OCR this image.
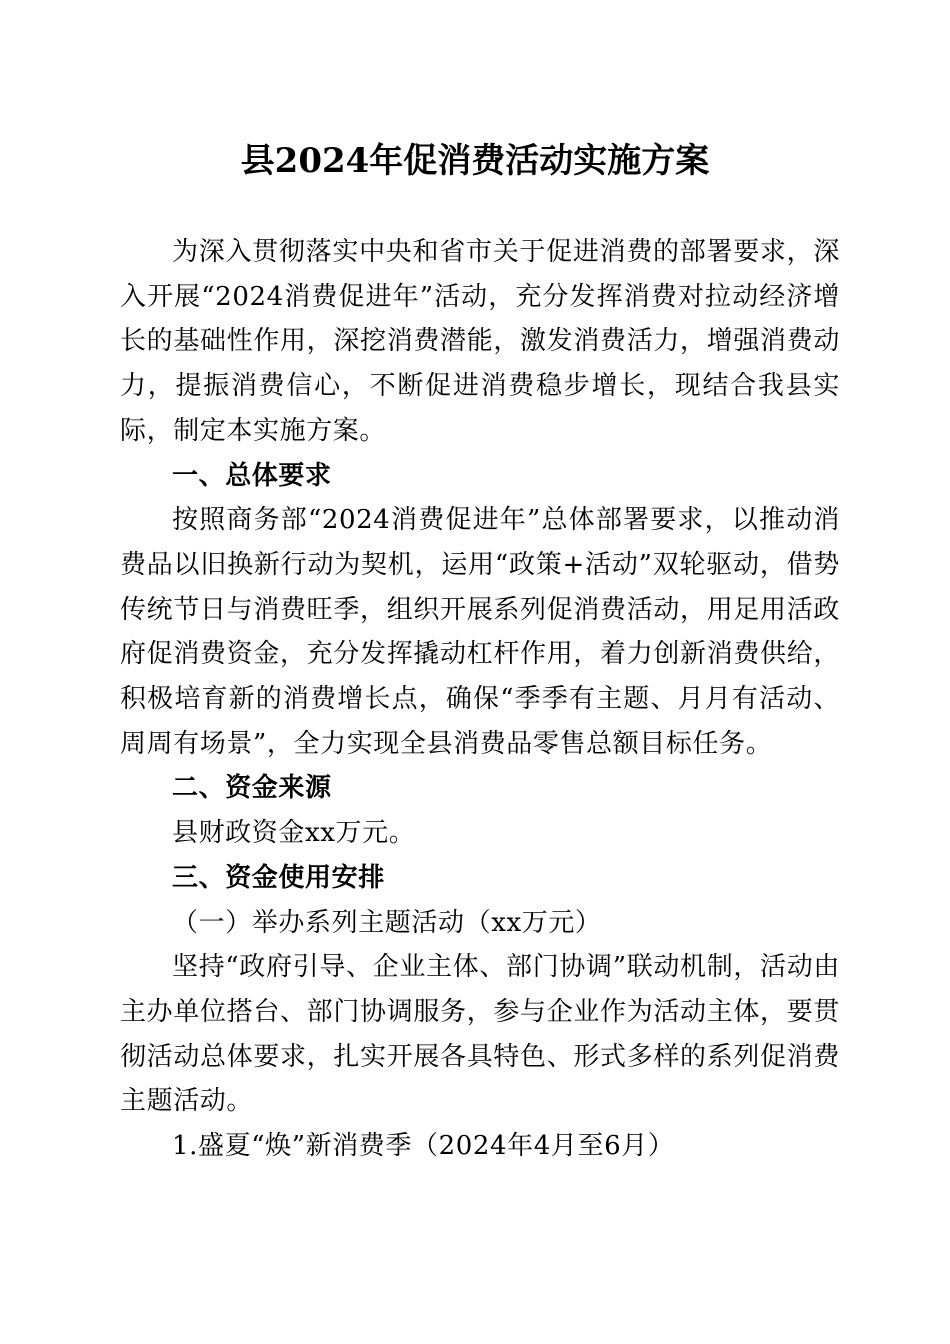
县2024年促消费活动实施方案

为深入贯彻落实中央和省市关于促进消费的部署要求，深入开展“2024消费促进年”活动，充分发挥消费对拉动经济增长的基础性作用，深挖消费潜能，激发消费活力，增强消费动力，提振消费信心，不断促进消费稳步增长，现结合我县实际，制定本实施方案。

一、总体要求

按照商务部“2024消费促进年”总体部署要求，以推动消费品以旧换新行动为契机，运用“政策+活动”双轮驱动，借势传统节日与消费旺季，组织开展系列促消费活动，用足用活政府促消费资金，充分发挥撬动杠杆作用，着力创新消费供给，积极培育新的消费增长点，确保“季季有主题、月月有活动、周周有场景”，全力实现全县消费品零售总额目标任务。

二、资金来源

县财政资金xx万元。

三、资金使用安排

（一）举办系列主题活动（xx万元）

坚持“政府引导、企业主体、部门协调”联动机制，活动由主办单位搭台、部门协调服务，参与企业作为活动主体，要贯彻活动总体要求，扎实开展各具特色、形式多样的系列促消费主题活动。

1.盛夏“焕”新消费季（2024年4月至6月）
